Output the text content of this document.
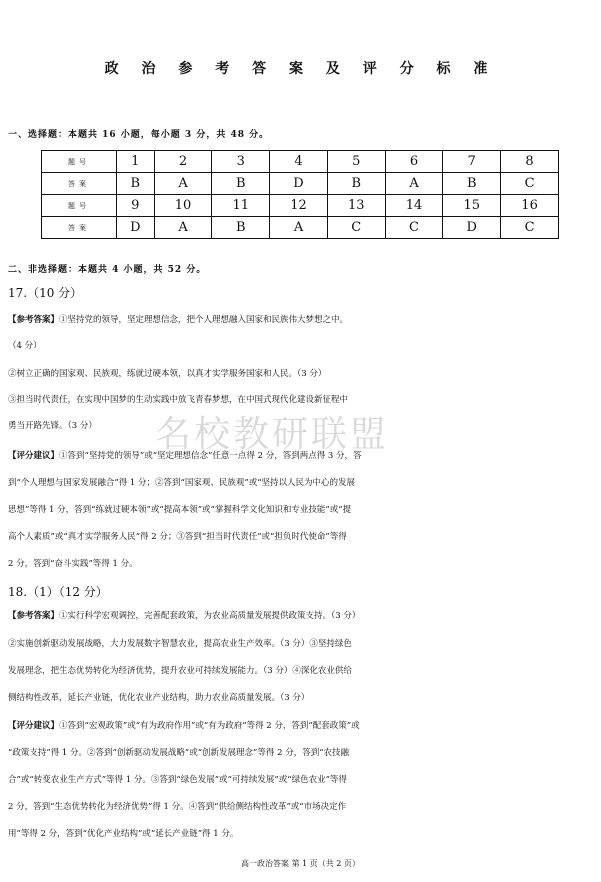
政 治 参 考 答 案 及 评 分 标 准
一、选择题：本题共 16 小题，每小题 3 分，共 48 分。
题号	1	2	3	4	5	6	7	8
答案	B	A	B	D	B	A	B	C
题号	9	10	11	12	13	14	15	16
答案	D	A	B	A	C	C	D	C
二、非选择题：本题共 4 小题，共 52 分。
17.（10 分）
【参考答案】①坚持党的领导，坚定理想信念，把个人理想融入国家和民族伟大梦想之中。
（4 分）
②树立正确的国家观、民族观，练就过硬本领，以真才实学服务国家和人民。（3 分）
③担当时代责任，在实现中国梦的生动实践中放飞青春梦想，在中国式现代化建设新征程中
勇当开路先锋。（3 分）	名校教研联盟
【评分建议】①答到“坚持党的领导”或“坚定理想信念”任意一点得 2 分，答到两点得 3 分，答
到“个人理想与国家发展融合”得 1 分；②答到“国家观、民族观”或“坚持以人民为中心的发展
思想”等得 1 分，答到“练就过硬本领”或“提高本领”或“掌握科学文化知识和专业技能”或“提
高个人素质”或“真才实学服务人民”得 2 分；③答到“担当时代责任”或“担负时代使命”等得
2 分，答到“奋斗实践”等得 1 分。
18.（1）（12 分）
【参考答案】①实行科学宏观调控，完善配套政策，为农业高质量发展提供政策支持。（3 分）
②实施创新驱动发展战略，大力发展数字智慧农业，提高农业生产效率。（3 分）③坚持绿色
发展理念，把生态优势转化为经济优势，提升农业可持续发展能力。（3 分）④深化农业供给
侧结构性改革，延长产业链，优化农业产业结构，助力农业高质量发展。（3 分）
【评分建议】①答到“宏观政策”或“有为政府作用”或“有为政府”等得 2 分，答到“配套政策”或
“政策支持”得 1 分。②答到“创新驱动发展战略”或“创新发展理念”等得 2 分，答到“农技融
合”或“转变农业生产方式”等得 1 分。③答到“绿色发展”或“可持续发展”或“绿色农业”等得
2 分，答到“生态优势转化为经济优势”得 1 分。④答到“供给侧结构性改革”或“市场决定作
用”等得 2 分，答到“优化产业结构”或“延长产业链”得 1 分。
高一政治答案 第 1 页（共 2 页）
